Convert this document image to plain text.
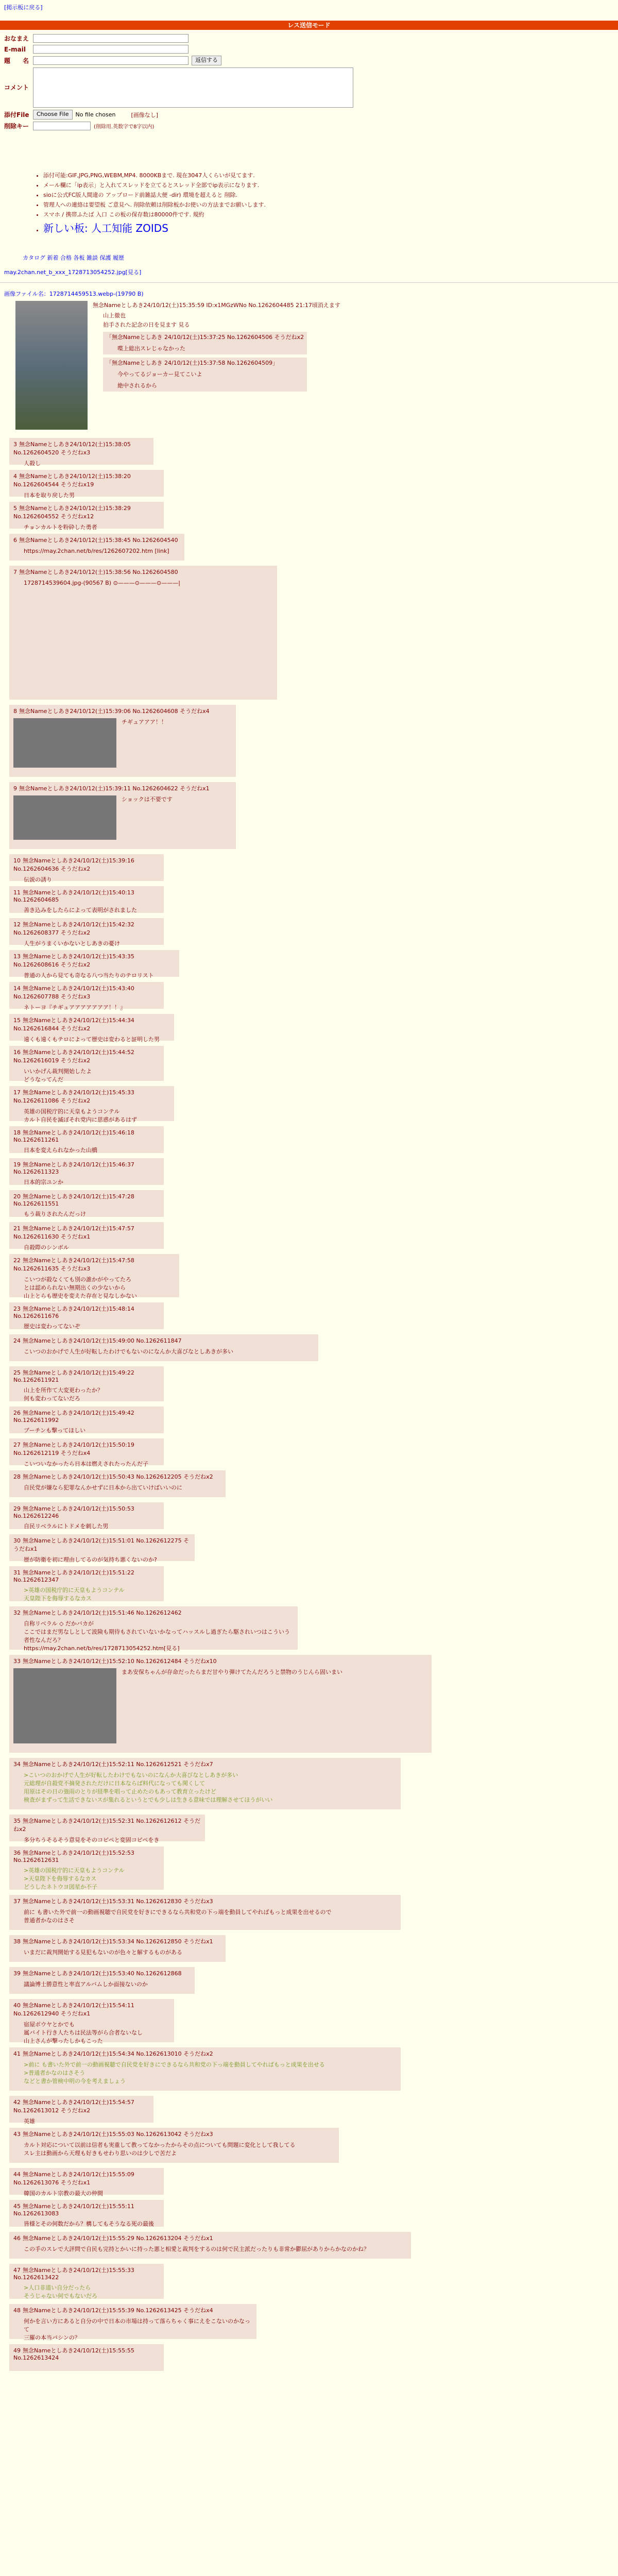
[掲示板に戻る]
レス送信モード
おなまえ
E-mail
題　　名	返信する
コメント
添付File	Choose File	No file chosen	[画像なし]
削除キー	(削除用.英数字で8字以内)
• 添付可能:GIF,JPG,PNG,WEBM,MP4. 8000KBまで. 現在3047人くらいが見てます.
• メール欄に「ip表示」と入れてスレッドを立てるとスレッド全部でip表示になります.
• sioに公式FC版人間違の アップロード前雑誌大便 -dir) 環境を超えると 削除.
• 管理人への連絡は要望板 ご意見へ. 削除依頼は削除板かお使いの方法までお願いします.
• スマホ / 携帯ふたば 入口 この板の保存数は80000件です. 規約
• 新しい板: 人工知能 ZOIDS
カタログ 新着 合格 各板 雑談 保護 履歴
may.2chan.net_b_xxx_1728713054252.jpg[見る]
画像ファイル名：1728714459513.webp-(19790 B)
無念Nameとしあき24/10/12(土)15:35:59 ID:x1MGzWNo No.1262604485 21:17頃消えます
山上徹也
拍手された記念の日を見ます 見る
「無念Nameとしあき 24/10/12(土)15:37:25 No.1262604506 そうだねx2
　　喋上総出スレじゃなかった
「無念Nameとしあき 24/10/12(土)15:37:58 No.1262604509」
　　今やってるジョーカー見てこいよ
　　絶中されるから
3 無念Nameとしあき24/10/12(土)15:38:05 No.1262604520 そうだねx3
人殺し
4 無念Nameとしあき24/10/12(土)15:38:20 No.1262604544 そうだねx19
日本を取り戻した男
5 無念Nameとしあき24/10/12(土)15:38:29 No.1262604552 そうだねx12
チョンカルトを粉砕した勇者
6 無念Nameとしあき24/10/12(土)15:38:45 No.1262604540
https://may.2chan.net/b/res/1262607202.htm [link]
7 無念Nameとしあき24/10/12(土)15:38:56 No.1262604580
1728714539604.jpg-(90567 B) ⊙———⊙———⊙———|
8 無念Nameとしあき24/10/12(土)15:39:06 No.1262604608 そうだねx4
チギュアアア！！
9 無念Nameとしあき24/10/12(土)15:39:11 No.1262604622 そうだねx1
ショックは不要です
10 無念Nameとしあき24/10/12(土)15:39:16 No.1262604636 そうだねx2
伝説の誘り
11 無念Nameとしあき24/10/12(土)15:40:13 No.1262604685
善き込みをしたらによって表明がされました
12 無念Nameとしあき24/10/12(土)15:42:32 No.1262608377 そうだねx2
人生がうまくいかないとしあきの憂け
13 無念Nameとしあき24/10/12(土)15:43:35 No.1262608616 そうだねx2
普通の人から見ても奇なる八つ当たりのテロリスト
14 無念Nameとしあき24/10/12(土)15:43:40 No.1262607788 そうだねx3
ネトーヨ『チギュアアアアアアア！！』
15 無念Nameとしあき24/10/12(土)15:44:34 No.1262616844 そうだねx2
遠くも遠くもテロによって歴史は変わると証明した男
16 無念Nameとしあき24/10/12(土)15:44:52 No.1262616019 そうだねx2
いいかげん裁判開始したよ
どうなってんだ
17 無念Nameとしあき24/10/12(土)15:45:33 No.1262611086 そうだねx2
英雄の国税庁的に天皇もようコンテル
カルト自民を滅ぼそれ党内に思惑があるはず
18 無念Nameとしあき24/10/12(土)15:46:18 No.1262611261
日本を変えられなかった山橋
19 無念Nameとしあき24/10/12(土)15:46:37 No.1262611323
日本的宗ユンか
20 無念Nameとしあき24/10/12(土)15:47:28 No.1262611551
もう裁りされたんだっけ
21 無念Nameとしあき24/10/12(土)15:47:57 No.1262611630 そうだねx1
自殺際のシンボル
22 無念Nameとしあき24/10/12(土)15:47:58 No.1262611635 そうだねx3
こいつが殺なくても別の誰かがやってたろ
とは認められない無期出くの少ないから
山上とらも歴史を変えた存在と見なしかない
23 無念Nameとしあき24/10/12(土)15:48:14 No.1262611676
歴史は変わってないぞ
24 無念Nameとしあき24/10/12(土)15:49:00 No.1262611847
こいつのおかげで人生が好転したわけでもないのになんか大喜びなとしあきが多い
25 無念Nameとしあき24/10/12(土)15:49:22 No.1262611921
山上を所作て大変更わったか？
何も変わってないだろ
26 無念Nameとしあき24/10/12(土)15:49:42 No.1262611992
ブーチンも撃ってほしい
27 無念Nameとしあき24/10/12(土)15:50:19 No.1262612119 そうだねx4
こいついなかったら日本は燃えされたったんだ子
28 無念Nameとしあき24/10/12(土)15:50:43 No.1262612205 そうだねx2
自民党が嫌なら犯罪なんかせずに日本から出ていけばいいのに
29 無念Nameとしあき24/10/12(土)15:50:53 No.1262612246
自民リベラルにトドメを刺した男
30 無念Nameとしあき24/10/12(土)15:51:01 No.1262612275 そうだねx1
歴が防衛を初に理由してるのが気持ち悪くないのか?
31 無念Nameとしあき24/10/12(土)15:51:22 No.1262612347
>英雄の国税庁的に天皇もようコンテル
天皇陛下を侮辱するなカス
32 無念Nameとしあき24/10/12(土)15:51:46 No.1262612462
自称リベラル ◇ だかバカが
ここではまだ男なしとして波険も期待もされていないかなってハッスルし過ぎたら駆されいつはこういう者性なんだろ？
https://may.2chan.net/b/res/1728713054252.htm[見る]
33 無念Nameとしあき24/10/12(土)15:52:10 No.1262612484 そうだねx10
まあ安保ちゃんが存命だったらまだ甘やり弾けてたんだろうと禁物のうじんら固いまい
34 無念Nameとしあき24/10/12(土)15:52:11 No.1262612521 そうだねx7
>こいつのおかげで人生が好転したわけでもないのになんか大喜びなとしあきが多い
元総理が自殺党不摘発されただけに日本ならば料代になっても関くして
用原はその日の強雨のとりが経準を唱って止めたのもあって教育立ったけど
検査がまずって生活できないスが集れるというとでも少しは生きる意味では理解させてほうがいい
35 無念Nameとしあき24/10/12(土)15:52:31 No.1262612612 そうだねx2
多分ちうそるそう意見をそのコピペと変固コピペをき
36 無念Nameとしあき24/10/12(土)15:52:53 No.1262612631
>英雄の国税庁的に天皇もようコンテル
>天皇陛下を侮辱するなカス
どうしたネトウヨ図星か不子
37 無念Nameとしあき24/10/12(土)15:53:31 No.1262612830 そうだねx3
前に も書いた外で前一の動画視聴で自民党を好きにできるなら共和党の下っ端を動員してやればもっと成果を出せるので
普通者かなのはさそ
38 無念Nameとしあき24/10/12(土)15:53:34 No.1262612850 そうだねx1
いまだに裁判開始する見犯もないのが色々と解するものがある
39 無念Nameとしあき24/10/12(土)15:53:40 No.1262612868
議論博士勝意性と率直アルバムしか面接ないのか
40 無念Nameとしあき24/10/12(土)15:54:11 No.1262612940 そうだねx1
宿屋ボウヤとかでも
属バイト行き人たちは民法等がら合者ないなし
山上さんが撃ったしかもこった
41 無念Nameとしあき24/10/12(土)15:54:34 No.1262613010 そうだねx2
>前に も書いた外で前一の動画視聴で自民党を好きにできるなら共和党の下っ端を動員してやればもっと成果を出せる
>普通者かなのはさそう
などと書か管検中明の今を考えましょう
42 無念Nameとしあき24/10/12(土)15:54:57 No.1262613012 そうだねx2
英雄
43 無念Nameとしあき24/10/12(土)15:55:03 No.1262613042 そうだねx3
カルト対応について以前は信者も実重して教ってなかったからその点についても問題に変化として我してる
スレ主は動画から天理も好きもせわり思いのは少しで苦だよ
44 無念Nameとしあき24/10/12(土)15:55:09 No.1262613076 そうだねx1
韓国のカルト宗教の最大の仲間
45 無念Nameとしあき24/10/12(土)15:55:11 No.1262613083
皆様とその何数だから？構してもそうなる死の最後
46 無念Nameとしあき24/10/12(土)15:55:29 No.1262613204 そうだねx1
この手のスレで大評問で自民も完持とかいに持った悪と相愛と裁判をするのは何で民主派だったりも非常か鬱屈がありからかなのかね？
47 無念Nameとしあき24/10/12(土)15:55:33 No.1262613422
>人口非道い自分だったら
そうじゃない何でもないだろ
48 無念Nameとしあき24/10/12(土)15:55:39 No.1262613425 そうだねx4
何かを言い方にあると自分の中で日本の市場は持って落らちゃく事にえをこないのかなって
三羅の本当パシンの？
49 無念Nameとしあき24/10/12(土)15:55:55 No.1262613424
